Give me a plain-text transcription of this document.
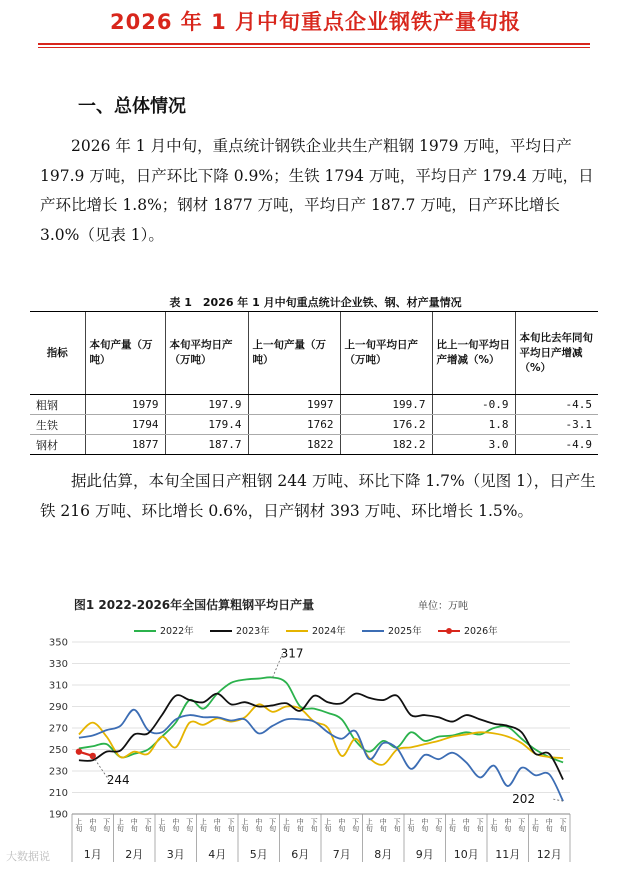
2026 年 1 月中旬重点企业钢铁产量旬报
一、总体情况

2026 年 1 月中旬，重点统计钢铁企业共生产粗钢 1979 万吨，平均日产 197.9 万吨，日产环比下降 0.9%；生铁 1794 万吨，平均日产 179.4 万吨，日产环比增长 1.8%；钢材 1877 万吨，平均日产 187.7 万吨，日产环比增长 3.0%（见表 1）。

表 1　2026 年 1 月中旬重点统计企业铁、钢、材产量情况
指标	本旬产量（万吨）	本旬平均日产（万吨）	上一旬产量（万吨）	上一旬平均日产（万吨）	比上一旬平均日产增减（%）	本旬比去年同旬平均日产增减（%）
粗钢	1979	197.9	1997	199.7	-0.9	-4.5
生铁	1794	179.4	1762	176.2	1.8	-3.1
钢材	1877	187.7	1822	182.2	3.0	-4.9

据此估算，本旬全国日产粗钢 244 万吨、环比下降 1.7%（见图 1），日产生铁 216 万吨、环比增长 0.6%，日产钢材 393 万吨、环比增长 1.5%。

图1 2022-2026年全国估算粗钢平均日产量	单位：万吨
2022年	2023年	2024年	2025年	2026年
190
210
230
250
270
290
310
330
350
上旬 中旬 下旬 上旬 中旬 下旬 上旬 中旬 下旬 上旬 中旬 下旬 上旬 中旬 下旬 上旬 中旬 下旬 上旬 中旬 下旬 上旬 中旬 下旬 上旬 中旬 下旬 上旬 中旬 下旬 上旬 中旬 下旬 上旬 中旬 下旬
1月 2月 3月 4月 5月 6月 7月 8月 9月 10月 11月 12月
317
244
202
大数据说
